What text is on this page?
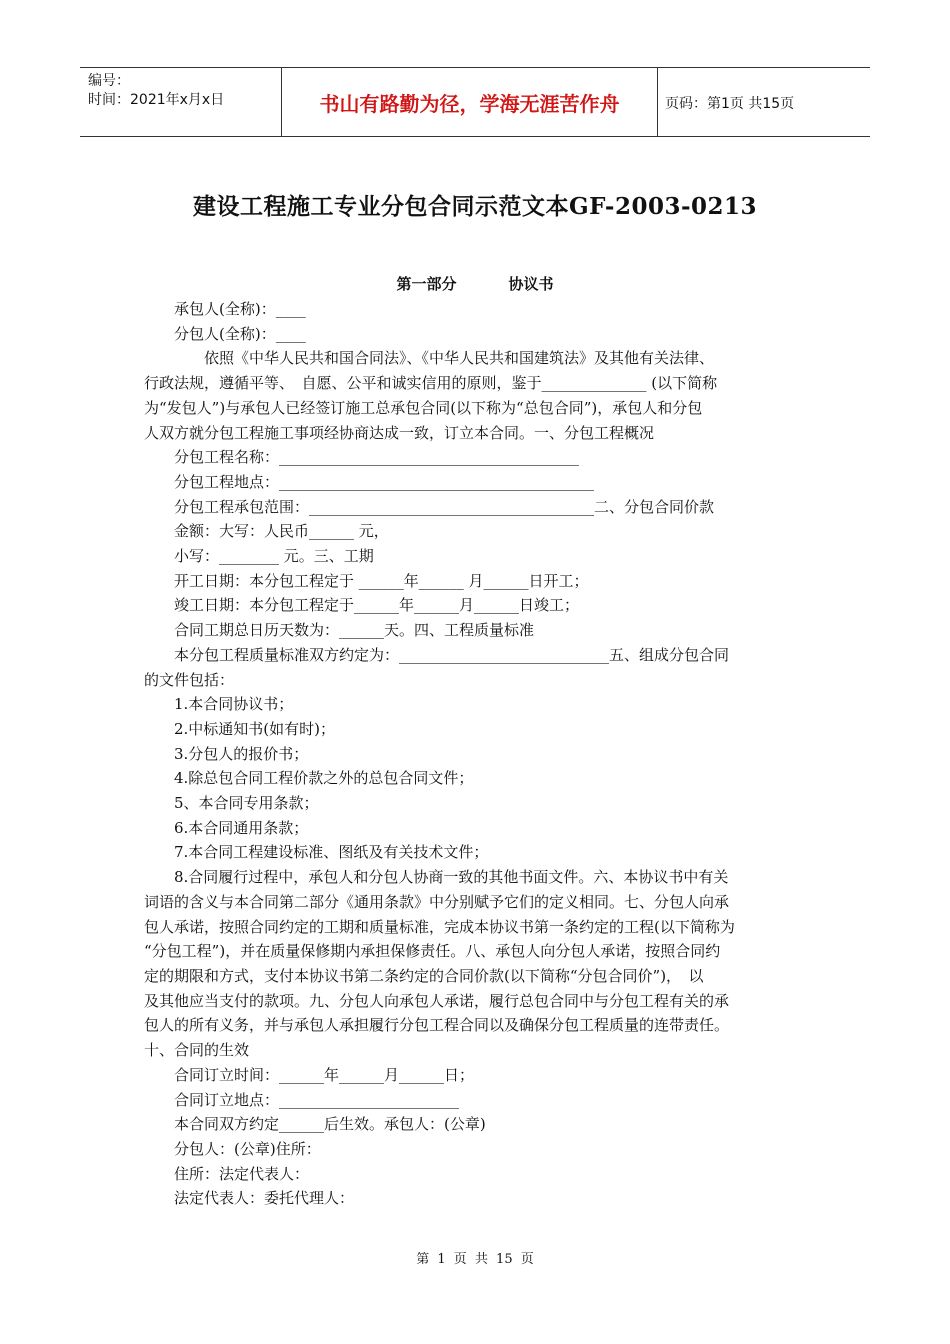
编号：
时间：2021年x月x日	书山有路勤为径，学海无涯苦作舟	页码：第1页 共15页
建设工程施工专业分包合同示范文本GF-2003-0213
第一部分	协议书
承包人(全称)：____
分包人(全称)：____
依照《中华人民共和国合同法》、《中华人民共和国建筑法》及其他有关法律、
行政法规，遵循平等、　自愿、公平和诚实信用的原则，鉴于______________ (以下简称
为“发包人”)与承包人已经签订施工总承包合同(以下称为“总包合同”)，承包人和分包
人双方就分包工程施工事项经协商达成一致，订立本合同。一、分包工程概况
分包工程名称：________________________________________
分包工程地点：__________________________________________
分包工程承包范围：______________________________________二、分包合同价款
金额：大写：人民币______ 元，
小写：________ 元。三、工期
开工日期：本分包工程定于 ______年______ 月______日开工；
竣工日期：本分包工程定于______年______月______日竣工；
合同工期总日历天数为：______天。四、工程质量标准
本分包工程质量标准双方约定为：____________________________五、组成分包合同
的文件包括：
1.本合同协议书；
2.中标通知书(如有时)；
3.分包人的报价书；
4.除总包合同工程价款之外的总包合同文件；
5、本合同专用条款；
6.本合同通用条款；
7.本合同工程建设标准、图纸及有关技术文件；
8.合同履行过程中，承包人和分包人协商一致的其他书面文件。六、本协议书中有关
词语的含义与本合同第二部分《通用条款》中分别赋予它们的定义相同。七、分包人向承
包人承诺，按照合同约定的工期和质量标准，完成本协议书第一条约定的工程(以下简称为
“分包工程”)，并在质量保修期内承担保修责任。八、承包人向分包人承诺，按照合同约
定的期限和方式，支付本协议书第二条约定的合同价款(以下简称“分包合同价”)，　以
及其他应当支付的款项。九、分包人向承包人承诺，履行总包合同中与分包工程有关的承
包人的所有义务，并与承包人承担履行分包工程合同以及确保分包工程质量的连带责任。
十、合同的生效
合同订立时间：______年______月______日；
合同订立地点：________________________
本合同双方约定______后生效。承包人：(公章)
分包人：(公章)住所：
住所：法定代表人：
法定代表人：委托代理人：
第 1 页 共 15 页
